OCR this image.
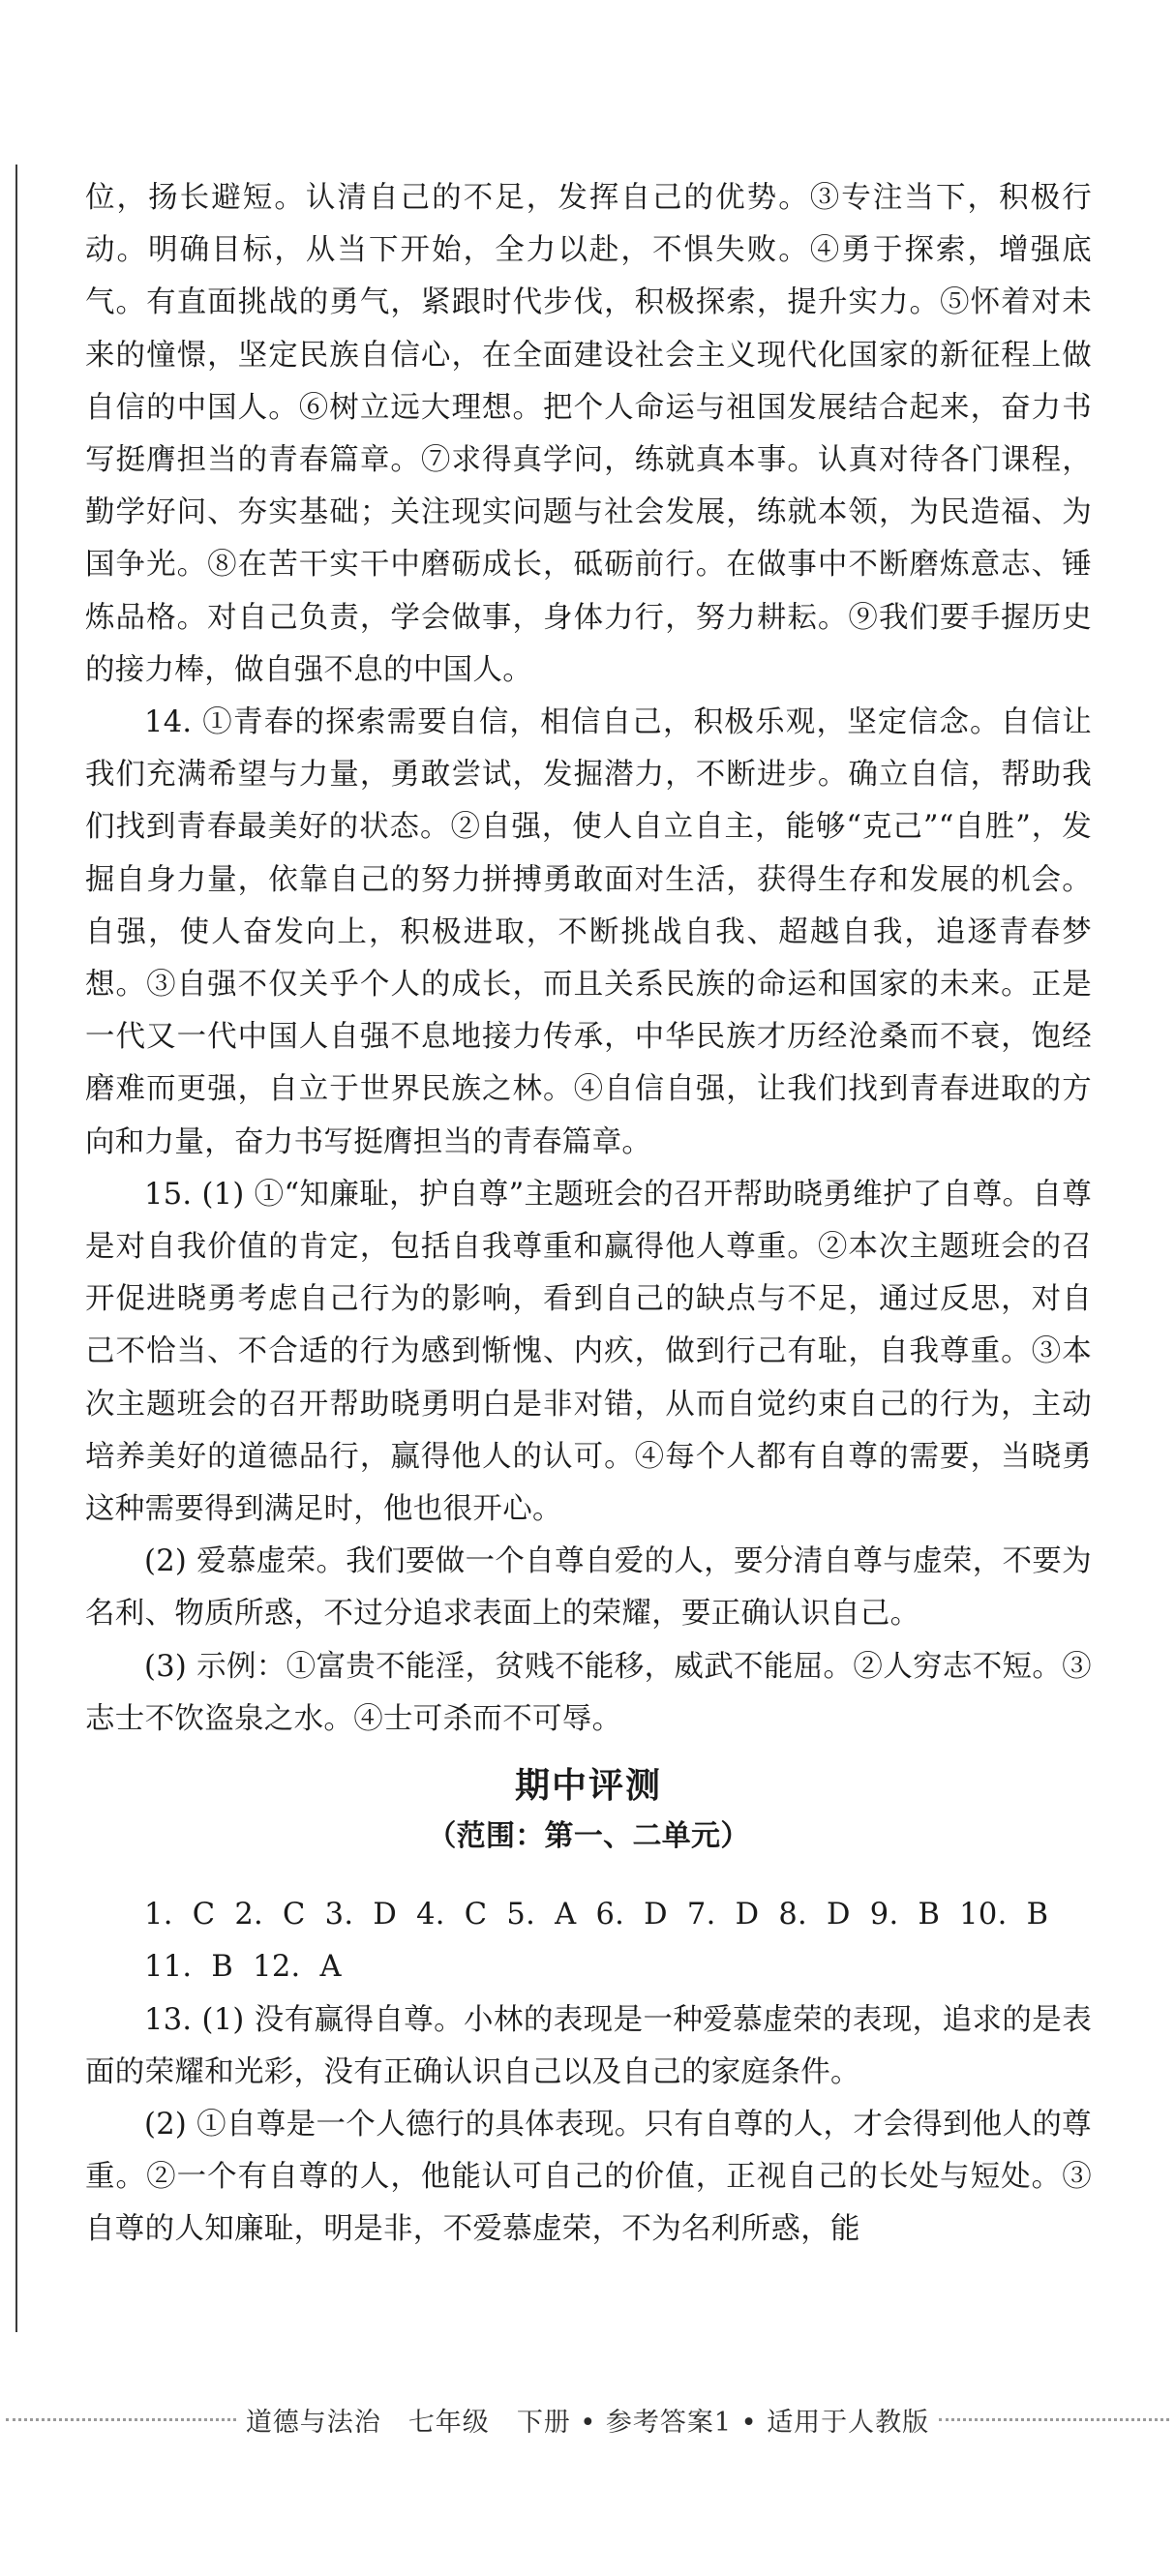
位，扬长避短。认清自己的不足，发挥自己的优势。③专注当下，积极行动。明确目标，从当下开始，全力以赴，不惧失败。④勇于探索，增强底气。有直面挑战的勇气，紧跟时代步伐，积极探索，提升实力。⑤怀着对未来的憧憬，坚定民族自信心，在全面建设社会主义现代化国家的新征程上做自信的中国人。⑥树立远大理想。把个人命运与祖国发展结合起来，奋力书写挺膺担当的青春篇章。⑦求得真学问，练就真本事。认真对待各门课程，勤学好问、夯实基础；关注现实问题与社会发展，练就本领，为民造福、为国争光。⑧在苦干实干中磨砺成长，砥砺前行。在做事中不断磨炼意志、锤炼品格。对自己负责，学会做事，身体力行，努力耕耘。⑨我们要手握历史的接力棒，做自强不息的中国人。

14. ①青春的探索需要自信，相信自己，积极乐观，坚定信念。自信让我们充满希望与力量，勇敢尝试，发掘潜力，不断进步。确立自信，帮助我们找到青春最美好的状态。②自强，使人自立自主，能够“克己”“自胜”，发掘自身力量，依靠自己的努力拼搏勇敢面对生活，获得生存和发展的机会。自强，使人奋发向上，积极进取，不断挑战自我、超越自我，追逐青春梦想。③自强不仅关乎个人的成长，而且关系民族的命运和国家的未来。正是一代又一代中国人自强不息地接力传承，中华民族才历经沧桑而不衰，饱经磨难而更强，自立于世界民族之林。④自信自强，让我们找到青春进取的方向和力量，奋力书写挺膺担当的青春篇章。

15. (1) ①“知廉耻，护自尊”主题班会的召开帮助晓勇维护了自尊。自尊是对自我价值的肯定，包括自我尊重和赢得他人尊重。②本次主题班会的召开促进晓勇考虑自己行为的影响，看到自己的缺点与不足，通过反思，对自己不恰当、不合适的行为感到惭愧、内疚，做到行己有耻，自我尊重。③本次主题班会的召开帮助晓勇明白是非对错，从而自觉约束自己的行为，主动培养美好的道德品行，赢得他人的认可。④每个人都有自尊的需要，当晓勇这种需要得到满足时，他也很开心。

(2) 爱慕虚荣。我们要做一个自尊自爱的人，要分清自尊与虚荣，不要为名利、物质所惑，不过分追求表面上的荣耀，要正确认识自己。

(3) 示例：①富贵不能淫，贫贱不能移，威武不能屈。②人穷志不短。③志士不饮盗泉之水。④士可杀而不可辱。

期中评测
（范围：第一、二单元）

1. C 2. C 3. D 4. C 5. A 6. D 7. D 8. D 9. B 10. B

11. B 12. A

13. (1) 没有赢得自尊。小林的表现是一种爱慕虚荣的表现，追求的是表面的荣耀和光彩，没有正确认识自己以及自己的家庭条件。

(2) ①自尊是一个人德行的具体表现。只有自尊的人，才会得到他人的尊重。②一个有自尊的人，他能认可自己的价值，正视自己的长处与短处。③自尊的人知廉耻，明是非，不爱慕虚荣，不为名利所惑，能

道德与法治 七年级 下册 • 参考答案1 • 适用于人教版
